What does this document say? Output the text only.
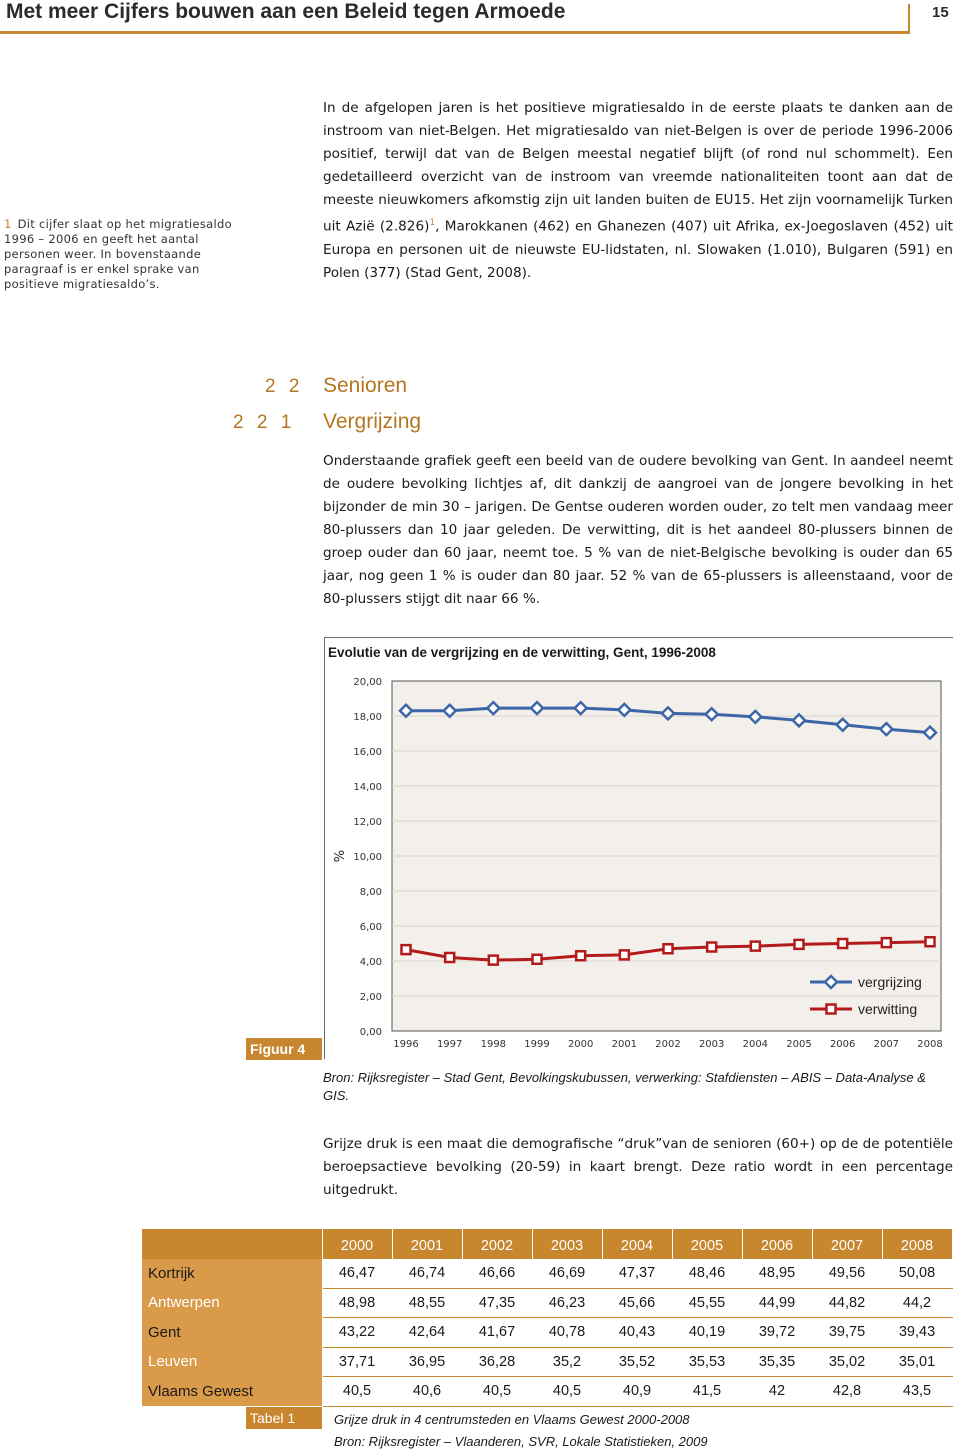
Met meer Cijfers bouwen aan een Beleid tegen Armoede	15
1 Dit cijfer slaat op het migratiesaldo
1996 – 2006 en geeft het aantal
personen weer. In bovenstaande
paragraaf is er enkel sprake van
positieve migratiesaldo’s.

In de afgelopen jaren is het positieve migratiesaldo in de eerste plaats te danken aan de instroom van niet-Belgen. Het migratiesaldo van niet-Belgen is over de periode 1996-2006 positief, terwijl dat van de Belgen meestal negatief blijft (of rond nul schommelt). Een gedetailleerd overzicht van de instroom van vreemde nationaliteiten toont aan dat de meeste nieuwkomers afkomstig zijn uit landen buiten de EU15. Het zijn voornamelijk Turken uit Azië $(2.826)^1$, Marokkanen (462) en Ghanezen (407) uit Afrika, ex-Joegoslaven (452) uit Europa en personen uit de nieuwste EU-lidstaten, nl. Slowaken (1.010), Bulgaren (591) en Polen (377) (Stad Gent, 2008).

2 2 Senioren
2 2 1 Vergrijzing

Onderstaande grafiek geeft een beeld van de oudere bevolking van Gent. In aandeel neemt de oudere bevolking lichtjes af, dit dankzij de aangroei van de jongere bevolking in het bijzonder de min 30 – jarigen. De Gentse ouderen worden ouder, zo telt men vandaag meer 80-plussers dan 10 jaar geleden. De verwitting, dit is het aandeel 80-plussers binnen de groep ouder dan 60 jaar, neemt toe. 5 % van de niet-Belgische bevolking is ouder dan 65 jaar, nog geen 1 % is ouder dan 80 jaar. 52 % van de 65-plussers is alleenstaand, voor de 80-plussers stijgt dit naar 66 %.

Evolutie van de vergrijzing en de verwitting, Gent, 1996-2008
0,00
2,00
4,00
6,00
8,00
10,00
12,00
14,00
16,00
18,00
20,00
%
1996 1997 1998 1999 2000 2001 2002 2003 2004 2005 2006 2007 2008
vergrijzing
verwitting
Figuur 4
Bron: Rijksregister – Stad Gent, Bevolkingskubussen, verwerking: Stafdiensten – ABIS – Data-Analyse & GIS.

Grijze druk is een maat die demografische “druk”van de senioren (60+) op de de potentiële beroepsactieve bevolking (20-59) in kaart brengt. Deze ratio wordt in een percentage uitgedrukt.

	2000	2001	2002	2003	2004	2005	2006	2007	2008
Kortrijk	46,47	46,74	46,66	46,69	47,37	48,46	48,95	49,56	50,08
Antwerpen	48,98	48,55	47,35	46,23	45,66	45,55	44,99	44,82	44,2
Gent	43,22	42,64	41,67	40,78	40,43	40,19	39,72	39,75	39,43
Leuven	37,71	36,95	36,28	35,2	35,52	35,53	35,35	35,02	35,01
Vlaams Gewest	40,5	40,6	40,5	40,5	40,9	41,5	42	42,8	43,5
Tabel 1	Grijze druk in 4 centrumsteden en Vlaams Gewest 2000-2008
Bron: Rijksregister – Vlaanderen, SVR, Lokale Statistieken, 2009
